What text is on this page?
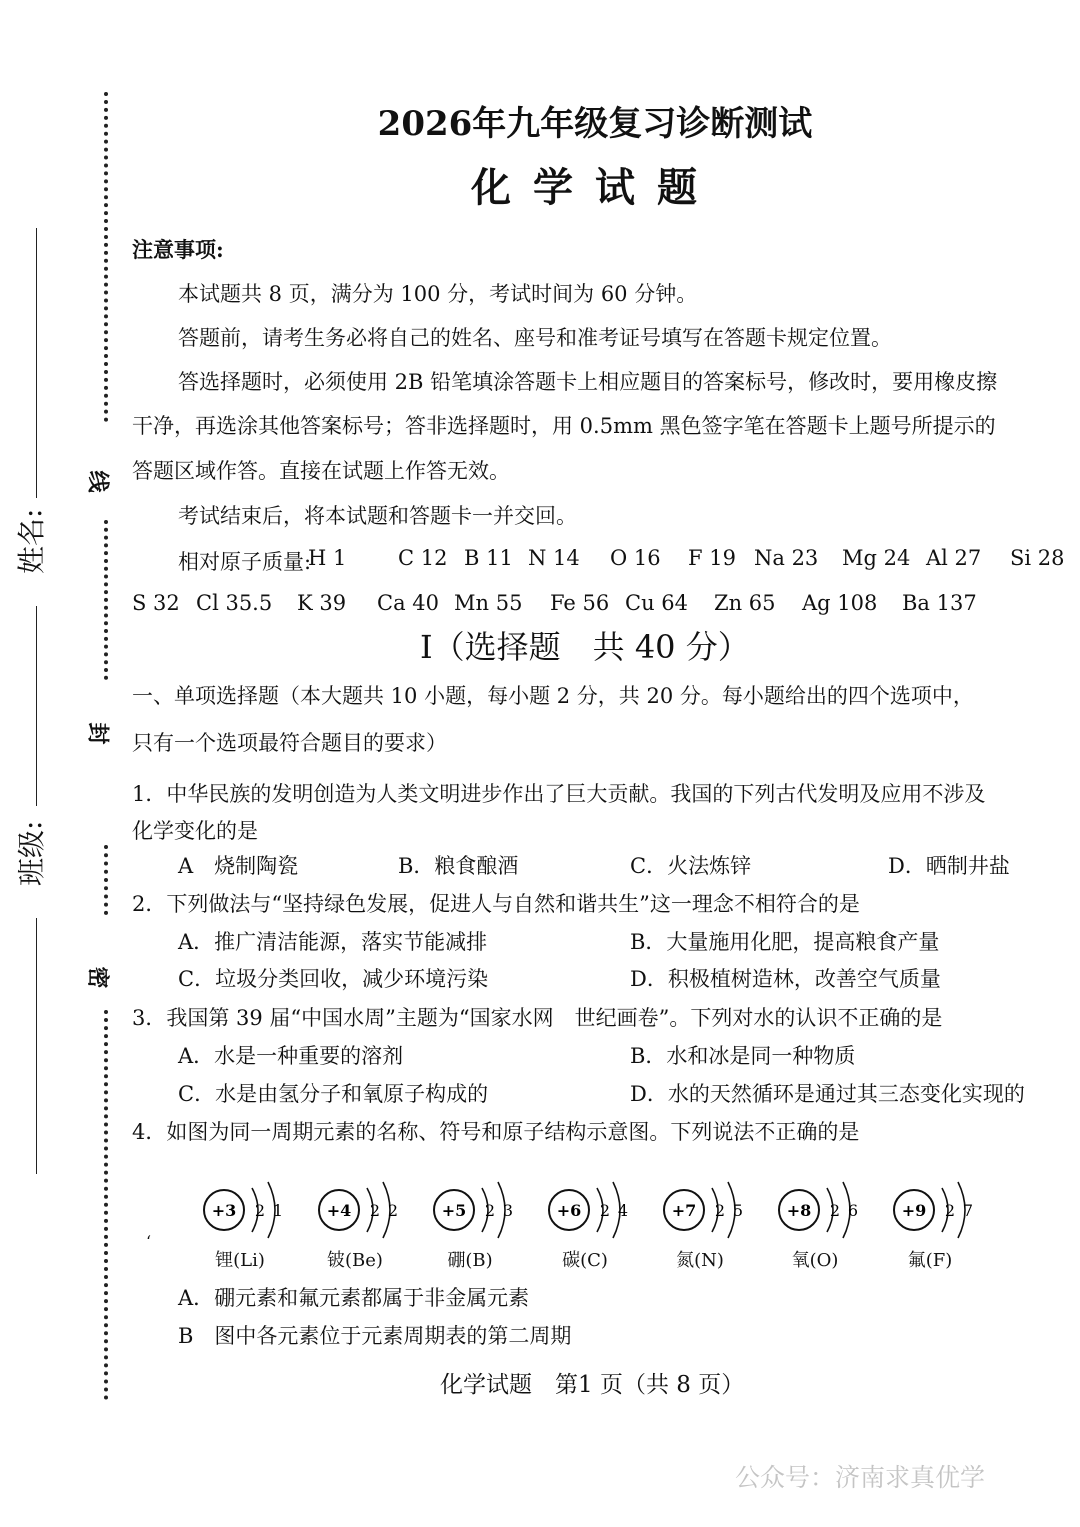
线
封
密
姓名:
班级:
2026年九年级复习诊断测试
化学试题
注意事项:
本试题共 8 页，满分为 100 分，考试时间为 60 分钟。
答题前，请考生务必将自己的姓名、座号和准考证号填写在答题卡规定位置。
答选择题时，必须使用 2B 铅笔填涂答题卡上相应题目的答案标号，修改时，要用橡皮擦
干净，再选涂其他答案标号；答非选择题时，用 0.5mm 黑色签字笔在答题卡上题号所提示的
答题区域作答。直接在试题上作答无效。
考试结束后，将本试题和答题卡一并交回。
相对原子质量:
H 1 C 12 B 11 N 14 O 16 F 19 Na 23 Mg 24 Al 27 Si 28
S 32 Cl 35.5 K 39 Ca 40 Mn 55 Fe 56 Cu 64 Zn 65 Ag 108 Ba 137
I（选择题　共 40 分）
一、单项选择题（本大题共 10 小题，每小题 2 分，共 20 分。每小题给出的四个选项中，
只有一个选项最符合题目的要求）
1．中华民族的发明创造为人类文明进步作出了巨大贡献。我国的下列古代发明及应用不涉及
化学变化的是
A　烧制陶瓷	B．粮食酿酒	C．火法炼锌	D．晒制井盐
2．下列做法与“坚持绿色发展，促进人与自然和谐共生”这一理念不相符合的是
A．推广清洁能源，落实节能减排	B．大量施用化肥，提高粮食产量
C．垃圾分类回收，减少环境污染	D．积极植树造林，改善空气质量
3．我国第 39 届“中国水周”主题为“国家水网　世纪画卷”。下列对水的认识不正确的是
A．水是一种重要的溶剂	B．水和冰是同一种物质
C．水是由氢分子和氧原子构成的	D．水的天然循环是通过其三态变化实现的
4．如图为同一周期元素的名称、符号和原子结构示意图。下列说法不正确的是
‘
+3 2 1
锂(Li)
+4 2 2
铍(Be)
+5 2 3
硼(B)
+6 2 4
碳(C)
+7 2 5
氮(N)
+8 2 6
氧(O)
+9 2 7
氟(F)
A．硼元素和氟元素都属于非金属元素
B　图中各元素位于元素周期表的第二周期
化学试题　第1 页（共 8 页）
公众号：济南求真优学
